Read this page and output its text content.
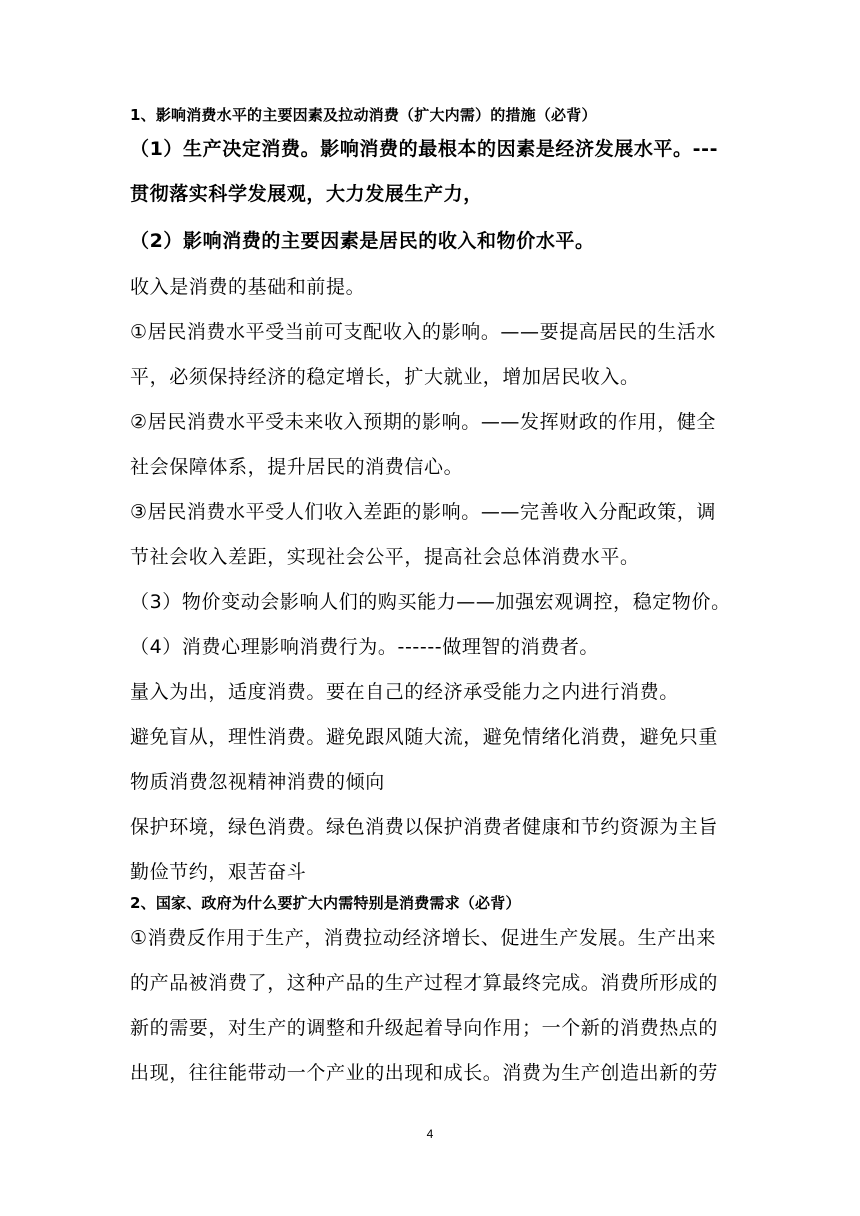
1、影响消费水平的主要因素及拉动消费（扩大内需）的措施（必背）
（1）生产决定消费。影响消费的最根本的因素是经济发展水平。---
贯彻落实科学发展观，大力发展生产力，
（2）影响消费的主要因素是居民的收入和物价水平。
收入是消费的基础和前提。
①居民消费水平受当前可支配收入的影响。——要提高居民的生活水
平，必须保持经济的稳定增长，扩大就业，增加居民收入。
②居民消费水平受未来收入预期的影响。——发挥财政的作用，健全
社会保障体系，提升居民的消费信心。
③居民消费水平受人们收入差距的影响。——完善收入分配政策，调
节社会收入差距，实现社会公平，提高社会总体消费水平。
（3）物价变动会影响人们的购买能力——加强宏观调控，稳定物价。
（4）消费心理影响消费行为。------做理智的消费者。
量入为出，适度消费。要在自己的经济承受能力之内进行消费。
避免盲从，理性消费。避免跟风随大流，避免情绪化消费，避免只重
物质消费忽视精神消费的倾向
保护环境，绿色消费。绿色消费以保护消费者健康和节约资源为主旨
勤俭节约，艰苦奋斗
2、国家、政府为什么要扩大内需特别是消费需求（必背）
①消费反作用于生产，消费拉动经济增长、促进生产发展。生产出来
的产品被消费了，这种产品的生产过程才算最终完成。消费所形成的
新的需要，对生产的调整和升级起着导向作用；一个新的消费热点的
出现，往往能带动一个产业的出现和成长。消费为生产创造出新的劳
4
